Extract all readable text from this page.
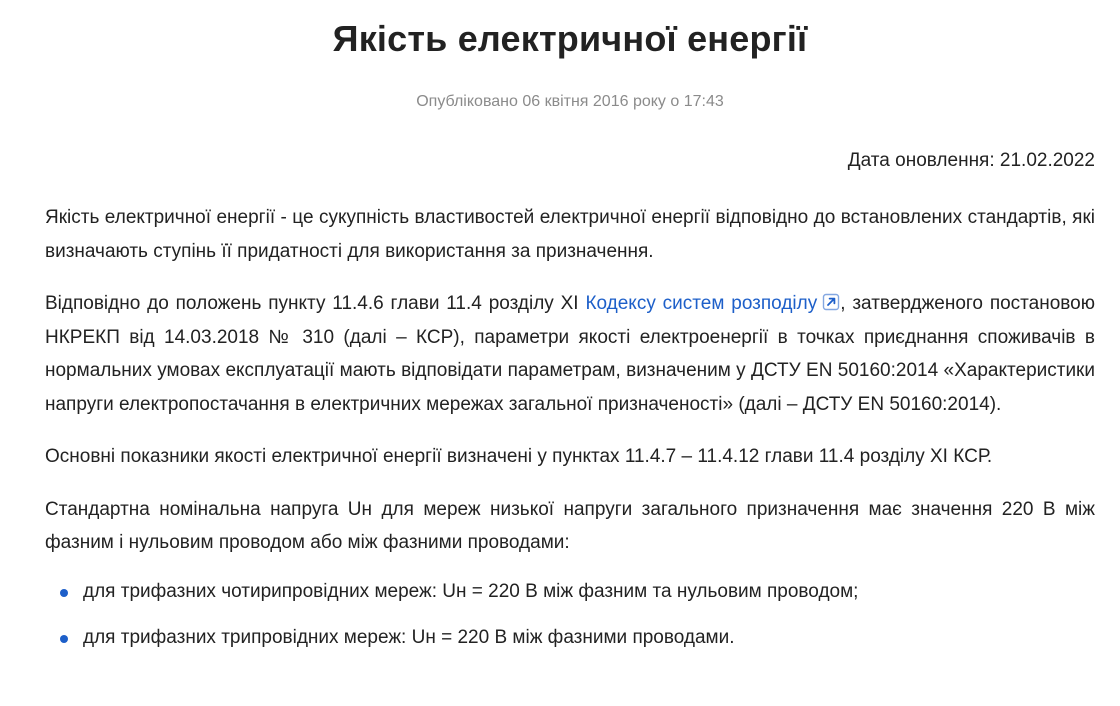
Якість електричної енергії

Опубліковано 06 квітня 2016 року о 17:43

Дата оновлення: 21.02.2022

Якість електричної енергії - це сукупність властивостей електричної енергії відповідно до встановлених стандартів, які визначають ступінь її придатності для використання за призначення.

Відповідно до положень пункту 11.4.6 глави 11.4 розділу ХІ Кодексу систем розподілу , затвердженого постановою НКРЕКП від 14.03.2018 № 310 (далі – КСР), параметри якості електроенергії в точках приєднання споживачів в нормальних умовах експлуатації мають відповідати параметрам, визначеним у ДСТУ EN 50160:2014 «Характеристики напруги електропостачання в електричних мережах загальної призначеності» (далі – ДСТУ EN 50160:2014).

Основні показники якості електричної енергії визначені у пунктах 11.4.7 – 11.4.12 глави 11.4 розділу ХІ КСР.

Стандартна номінальна напруга Uн для мереж низької напруги загального призначення має значення 220 В між фазним і нульовим проводом або між фазними проводами:

для трифазних чотирипровідних мереж: Uн = 220 В між фазним та нульовим проводом;
для трифазних трипровідних мереж: Uн = 220 В між фазними проводами.
